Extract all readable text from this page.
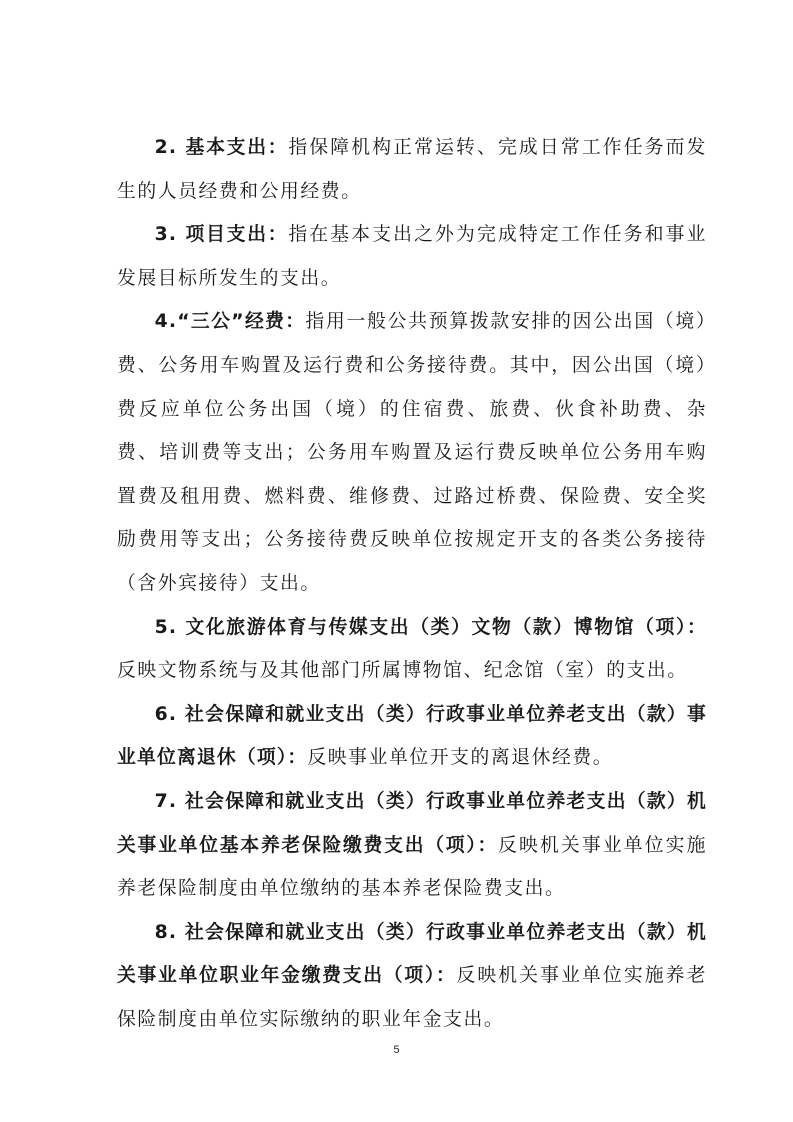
2. 基本支出：指保障机构正常运转、完成日常工作任务而发生的人员经费和公用经费。

3. 项目支出：指在基本支出之外为完成特定工作任务和事业发展目标所发生的支出。

4.“三公”经费：指用一般公共预算拨款安排的因公出国（境）费、公务用车购置及运行费和公务接待费。其中，因公出国（境）费反应单位公务出国（境）的住宿费、旅费、伙食补助费、杂费、培训费等支出；公务用车购置及运行费反映单位公务用车购置费及租用费、燃料费、维修费、过路过桥费、保险费、安全奖励费用等支出；公务接待费反映单位按规定开支的各类公务接待（含外宾接待）支出。

5. 文化旅游体育与传媒支出（类）文物（款）博物馆（项）：反映文物系统与及其他部门所属博物馆、纪念馆（室）的支出。

6. 社会保障和就业支出（类）行政事业单位养老支出（款）事业单位离退休（项）：反映事业单位开支的离退休经费。

7. 社会保障和就业支出（类）行政事业单位养老支出（款）机关事业单位基本养老保险缴费支出（项）：反映机关事业单位实施养老保险制度由单位缴纳的基本养老保险费支出。

8. 社会保障和就业支出（类）行政事业单位养老支出（款）机关事业单位职业年金缴费支出（项）：反映机关事业单位实施养老保险制度由单位实际缴纳的职业年金支出。

5
